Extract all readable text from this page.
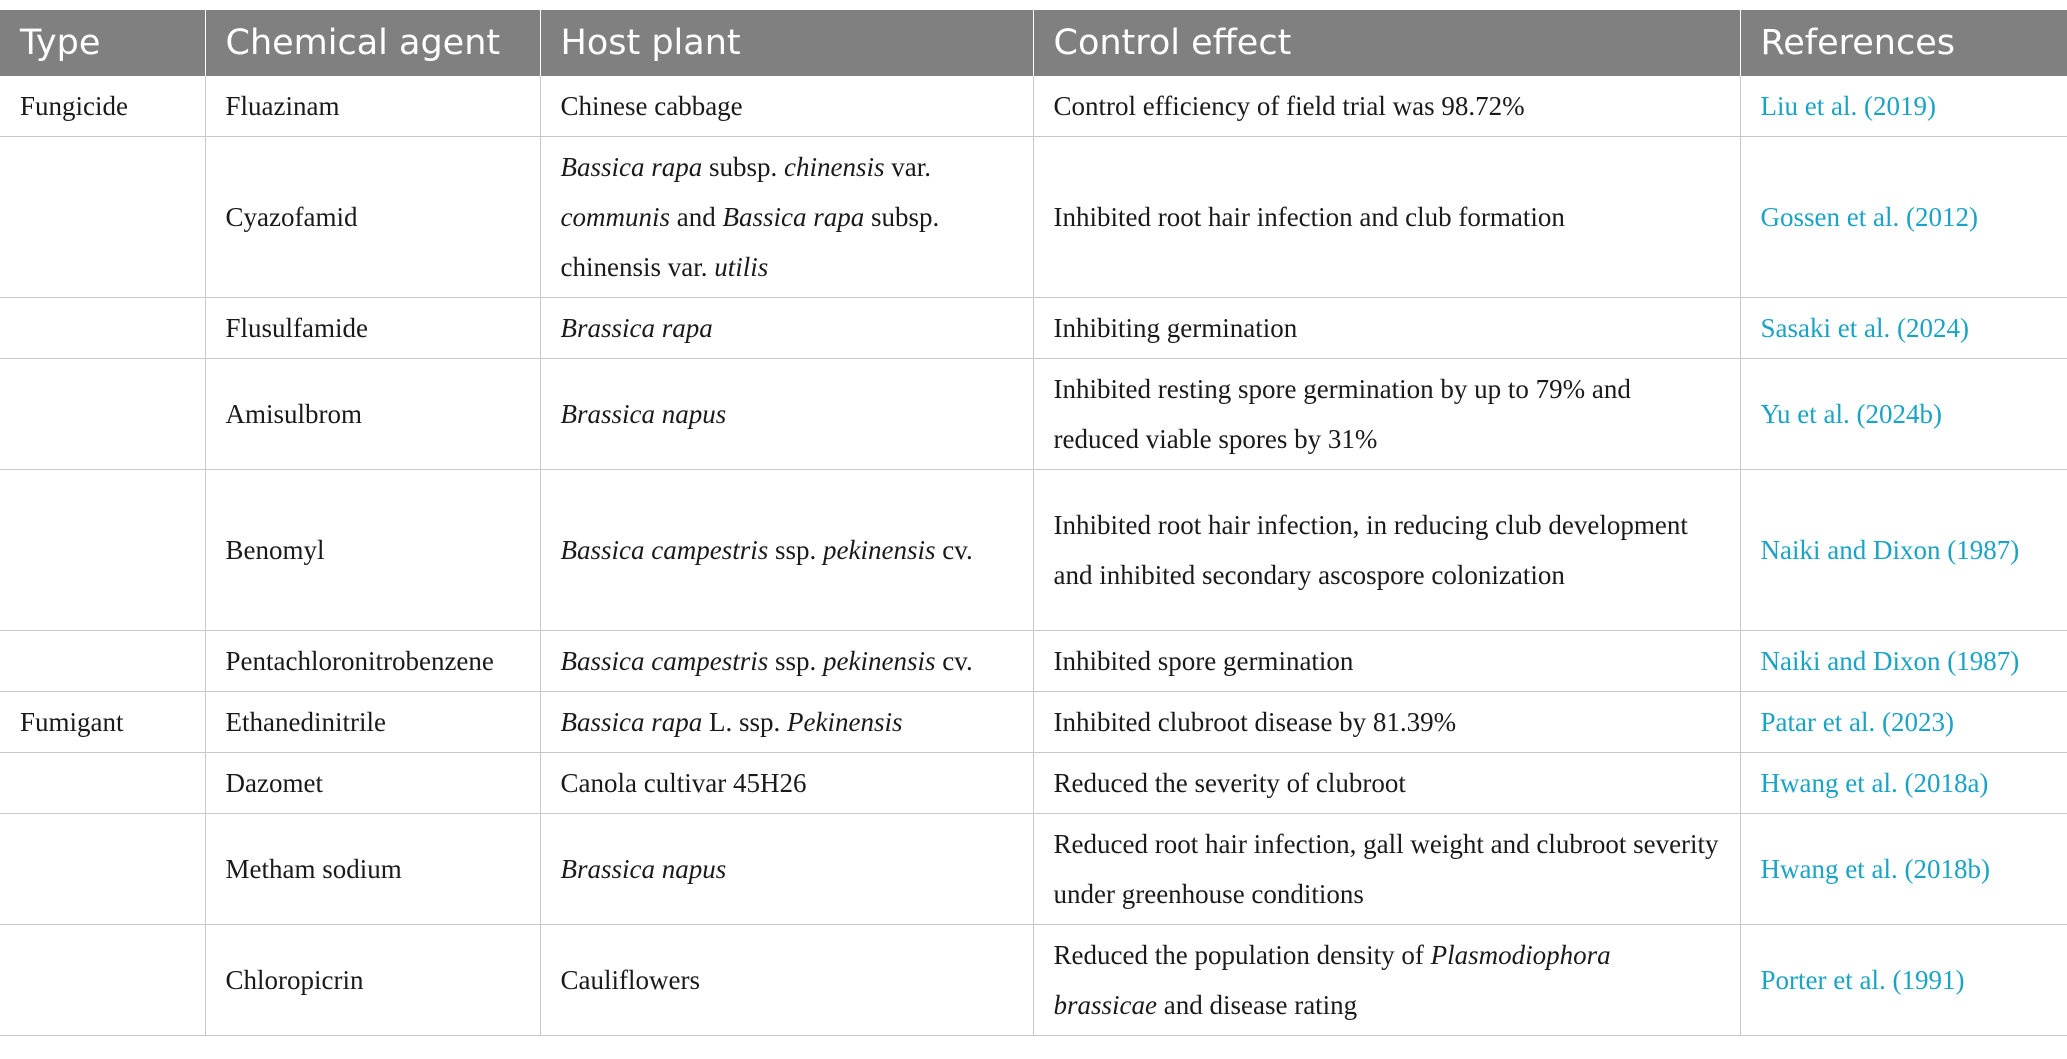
Type	Chemical agent	Host plant	Control effect	References
Fungicide	Fluazinam	Chinese cabbage	Control efficiency of field trial was 98.72%	Liu et al. (2019)
	Cyazofamid	Bassica rapa subsp. chinensis var. communis and Bassica rapa subsp. chinensis var. utilis	Inhibited root hair infection and club formation	Gossen et al. (2012)
	Flusulfamide	Brassica rapa	Inhibiting germination	Sasaki et al. (2024)
	Amisulbrom	Brassica napus	Inhibited resting spore germination by up to 79% and reduced viable spores by 31%	Yu et al. (2024b)
	Benomyl	Bassica campestris ssp. pekinensis cv.	Inhibited root hair infection, in reducing club development and inhibited secondary ascospore colonization	Naiki and Dixon (1987)
	Pentachloronitrobenzene	Bassica campestris ssp. pekinensis cv.	Inhibited spore germination	Naiki and Dixon (1987)
Fumigant	Ethanedinitrile	Bassica rapa L. ssp. Pekinensis	Inhibited clubroot disease by 81.39%	Patar et al. (2023)
	Dazomet	Canola cultivar 45H26	Reduced the severity of clubroot	Hwang et al. (2018a)
	Metham sodium	Brassica napus	Reduced root hair infection, gall weight and clubroot severity under greenhouse conditions	Hwang et al. (2018b)
	Chloropicrin	Cauliflowers	Reduced the population density of Plasmodiophora brassicae and disease rating	Porter et al. (1991)
